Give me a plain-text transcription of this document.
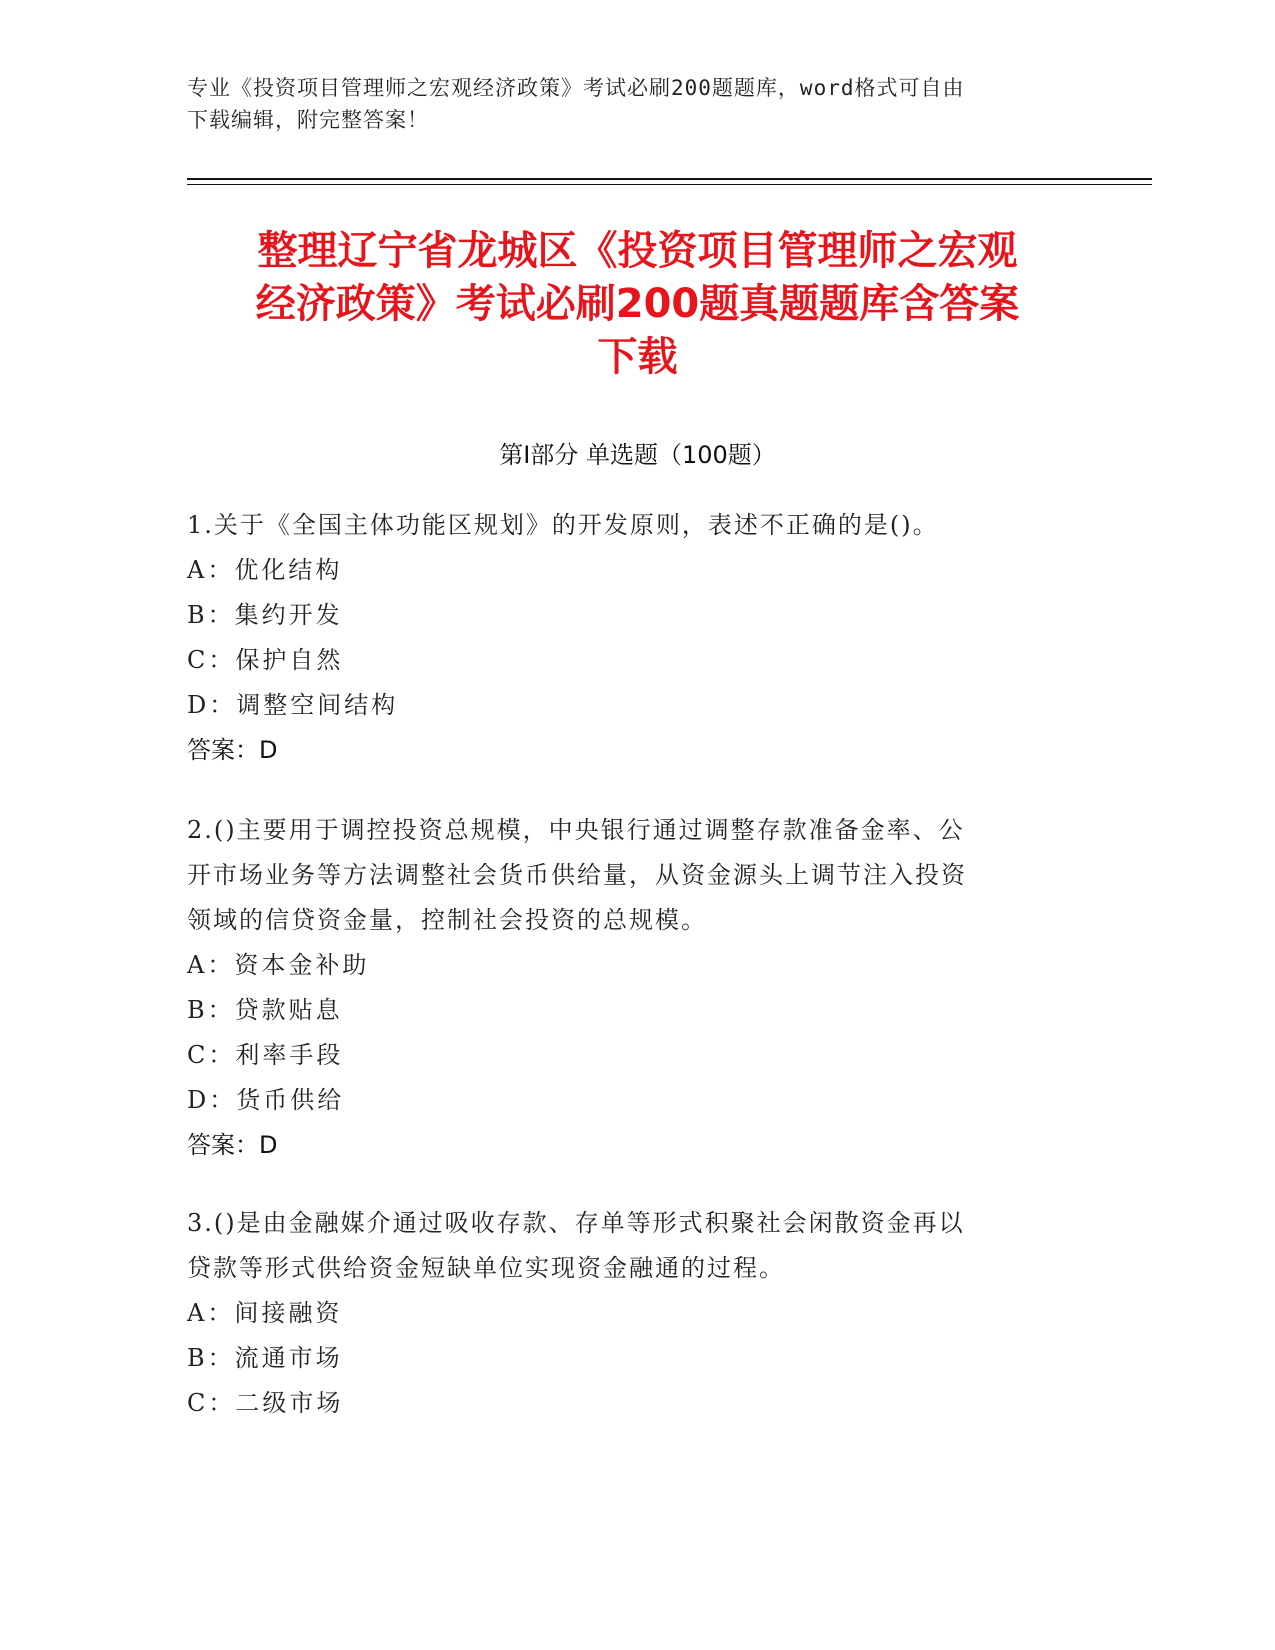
专业《投资项目管理师之宏观经济政策》考试必刷200题题库，word格式可自由
下载编辑，附完整答案！
整理辽宁省龙城区《投资项目管理师之宏观
经济政策》考试必刷200题真题题库含答案
下载
第Ⅰ部分 单选题（100题）
1.关于《全国主体功能区规划》的开发原则，表述不正确的是()。
A：优化结构
B：集约开发
C：保护自然
D：调整空间结构
答案：D
2.()主要用于调控投资总规模，中央银行通过调整存款准备金率、公
开市场业务等方法调整社会货币供给量，从资金源头上调节注入投资
领域的信贷资金量，控制社会投资的总规模。
A：资本金补助
B：贷款贴息
C：利率手段
D：货币供给
答案：D
3.()是由金融媒介通过吸收存款、存单等形式积聚社会闲散资金再以
贷款等形式供给资金短缺单位实现资金融通的过程。
A：间接融资
B：流通市场
C：二级市场
